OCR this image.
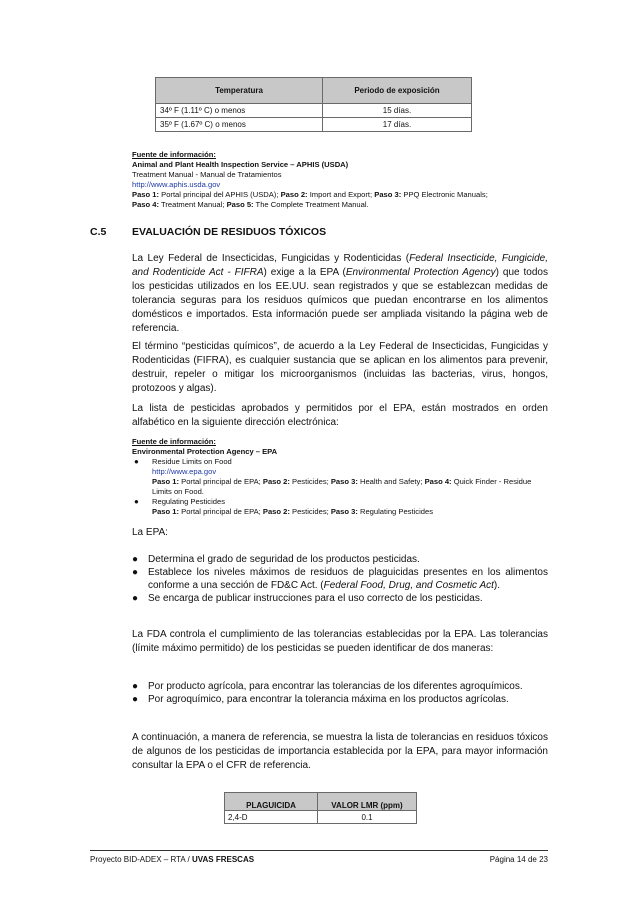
Temperatura	Periodo de exposición
34º F (1.11º C) o menos	15 días.
35º F (1.67º C) o menos	17 días.

Fuente de información:

Animal and Plant Health Inspection Service – APHIS (USDA)

Treatment Manual - Manual de Tratamientos

http://www.aphis.usda.gov

Paso 1: Portal principal del APHIS (USDA); Paso 2: Import and Export; Paso 3: PPQ Electronic Manuals;

Paso 4: Treatment Manual; Paso 5: The Complete Treatment Manual.

C.5 EVALUACIÓN DE RESIDUOS TÓXICOS
La Ley Federal de Insecticidas, Fungicidas y Rodenticidas (Federal Insecticide, Fungicide, and Rodenticide Act - FIFRA) exige a la EPA (Environmental Protection Agency) que todos los pesticidas utilizados en los EE.UU. sean registrados y que se establezcan medidas de tolerancia seguras para los residuos químicos que puedan encontrarse en los alimentos domésticos e importados. Esta información puede ser ampliada visitando la página web de referencia.
El término “pesticidas químicos”, de acuerdo a la Ley Federal de Insecticidas, Fungicidas y Rodenticidas (FIFRA), es cualquier sustancia que se aplican en los alimentos para prevenir, destruir, repeler o mitigar los microorganismos (incluidas las bacterias, virus, hongos, protozoos y algas).
La lista de pesticidas aprobados y permitidos por el EPA, están mostrados en orden alfabético en la siguiente dirección electrónica:

Fuente de información:

Environmental Protection Agency – EPA

● Residue Limits on Food

http://www.epa.gov

Paso 1: Portal principal de EPA; Paso 2: Pesticides; Paso 3: Health and Safety; Paso 4: Quick Finder - Residue Limits on Food.

● Regulating Pesticides

Paso 1: Portal principal de EPA; Paso 2: Pesticides; Paso 3: Regulating Pesticides

La EPA:
● Determina el grado de seguridad de los productos pesticidas.
● Establece los niveles máximos de residuos de plaguicidas presentes en los alimentos conforme a una sección de FD&C Act. (Federal Food, Drug, and Cosmetic Act).
● Se encarga de publicar instrucciones para el uso correcto de los pesticidas.
La FDA controla el cumplimiento de las tolerancias establecidas por la EPA. Las tolerancias (límite máximo permitido) de los pesticidas se pueden identificar de dos maneras:
● Por producto agrícola, para encontrar las tolerancias de los diferentes agroquímicos.
● Por agroquímico, para encontrar la tolerancia máxima en los productos agrícolas.
A continuación, a manera de referencia, se muestra la lista de tolerancias en residuos tóxicos de algunos de los pesticidas de importancia establecida por la EPA, para mayor información consultar la EPA o el CFR de referencia.
PLAGUICIDA	VALOR LMR (ppm)
2,4-D	0.1
Proyecto BID-ADEX – RTA / UVAS FRESCAS	Página 14 de 23
